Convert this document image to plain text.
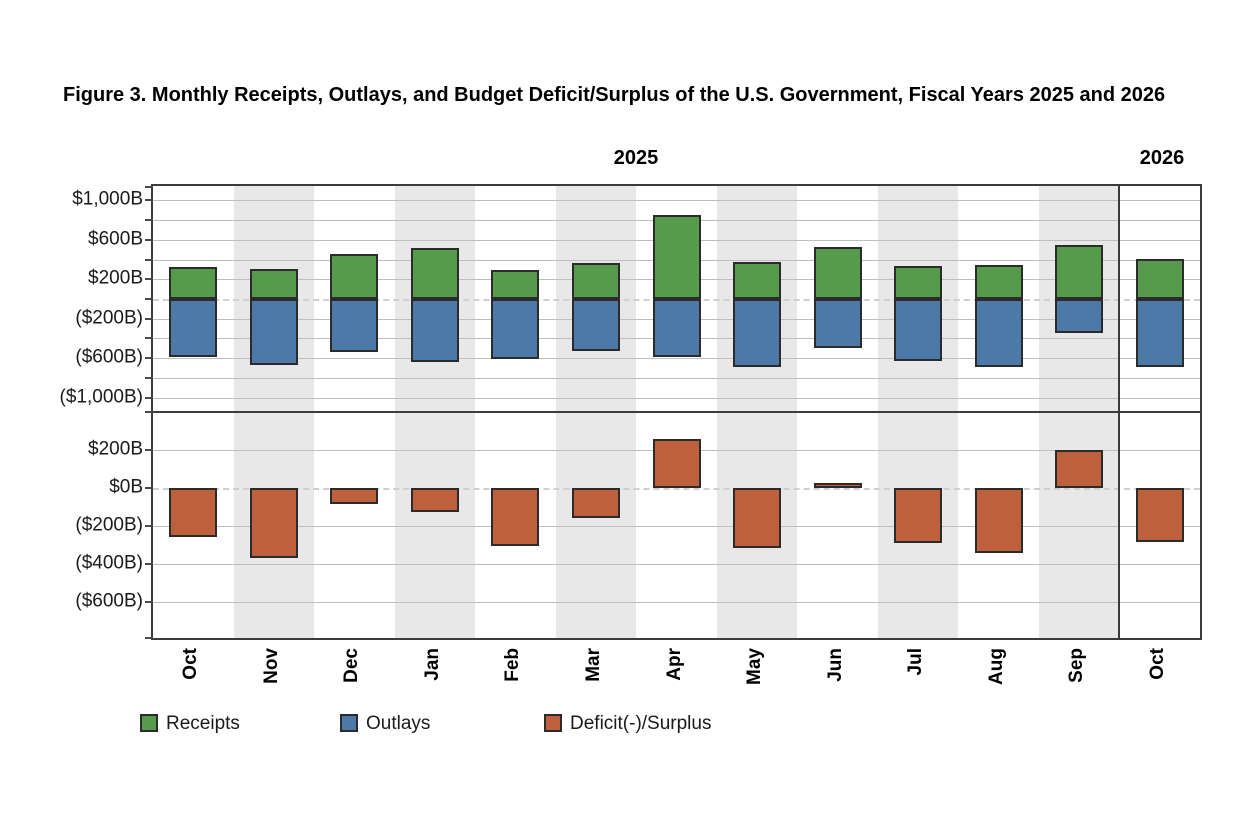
Figure 3. Monthly Receipts, Outlays, and Budget Deficit/Surplus of the U.S. Government, Fiscal Years 2025 and 2026
2025	2026
$1,000B
$600B
$200B
($200B)
($600B)
($1,000B)
$200B
$0B
($200B)
($400B)
($600B)
Oct	Nov	Dec	Jan	Feb	Mar	Apr	May	Jun	Jul	Aug	Sep	Oct
Receipts	Outlays	Deficit(-)/Surplus
